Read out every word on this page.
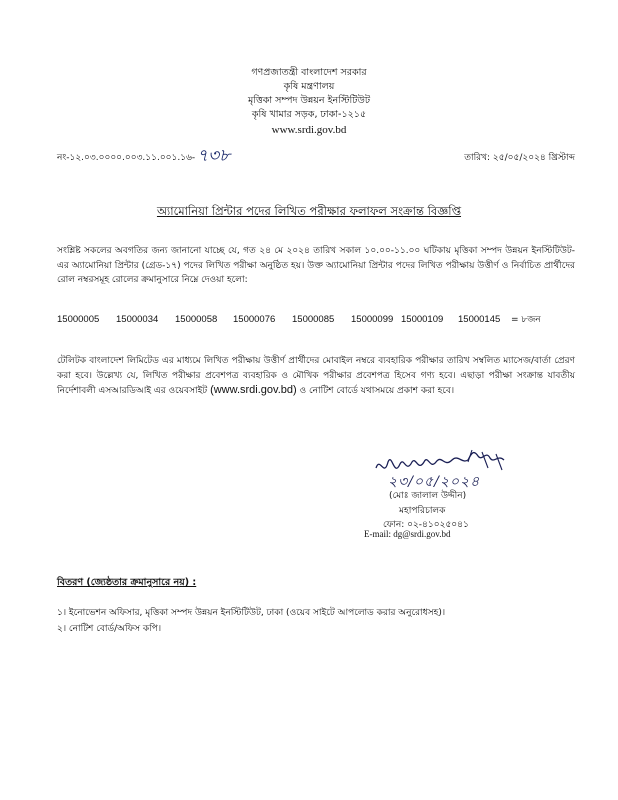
গণপ্রজাতন্ত্রী বাংলাদেশ সরকার
কৃষি মন্ত্রণালয়
মৃত্তিকা সম্পদ উন্নয়ন ইনস্টিটিউট
কৃষি খামার সড়ক, ঢাকা-১২১৫
www.srdi.gov.bd
নং-১২.০৩.০০০০.০০৩.১১.০০১.১৬- ৭৩৮	তারিখ: ২৫/০৫/২০২৪ খ্রিস্টাব্দ
অ্যামোনিয়া প্রিন্টার পদের লিখিত পরীক্ষার ফলাফল সংক্রান্ত বিজ্ঞপ্তি
সংশ্লিষ্ট সকলের অবগতির জন্য জানানো যাচ্ছে যে, গত ২৪ মে ২০২৪ তারিখ সকাল ১০.০০-১১.০০ ঘটিকায় মৃত্তিকা সম্পদ উন্নয়ন ইনস্টিটিউট-এর অ্যামোনিয়া প্রিন্টার (গ্রেড-১৭) পদের লিখিত পরীক্ষা অনুষ্ঠিত হয়। উক্ত অ্যামোনিয়া প্রিন্টার পদের লিখিত পরীক্ষায় উত্তীর্ণ ও নির্বাচিত প্রার্থীদের রোল নম্বরসমূহ রোলের ক্রমানুসারে নিম্নে দেওয়া হলো:
15000005 15000034 15000058 15000076 15000085 15000099 15000109 15000145 = ৮জন
টেলিটক বাংলাদেশ লিমিটেড এর মাধ্যমে লিখিত পরীক্ষায় উত্তীর্ণ প্রার্থীদের মোবাইল নম্বরে ব্যবহারিক পরীক্ষার তারিখ সম্বলিত ম্যাসেজ/বার্তা প্রেরণ করা হবে। উল্লেখ্য যে, লিখিত পরীক্ষার প্রবেশপত্র ব্যবহারিক ও মৌখিক পরীক্ষার প্রবেশপত্র হিসেব গণ্য হবে। এছাড়া পরীক্ষা সংক্রান্ত যাবতীয় নির্দেশাবলী এসআরডিআই এর ওয়েবসাইট (www.srdi.gov.bd) ও নোটিশ বোর্ডে যথাসময়ে প্রকাশ করা হবে।
২৩/০৫/২০২৪
(মোঃ জালাল উদ্দীন)
মহাপরিচালক
ফোন: ০২-৪১০২৫০৪১
E-mail: dg@srdi.gov.bd
বিতরণ (জ্যেষ্ঠতার ক্রমানুসারে নয়) :
১। ইনোভেশন অফিসার, মৃত্তিকা সম্পদ উন্নয়ন ইনস্টিটিউট, ঢাকা (ওয়েব সাইটে আপলোড করার অনুরোধসহ)।
২। নোটিশ বোর্ড/অফিস কপি।
